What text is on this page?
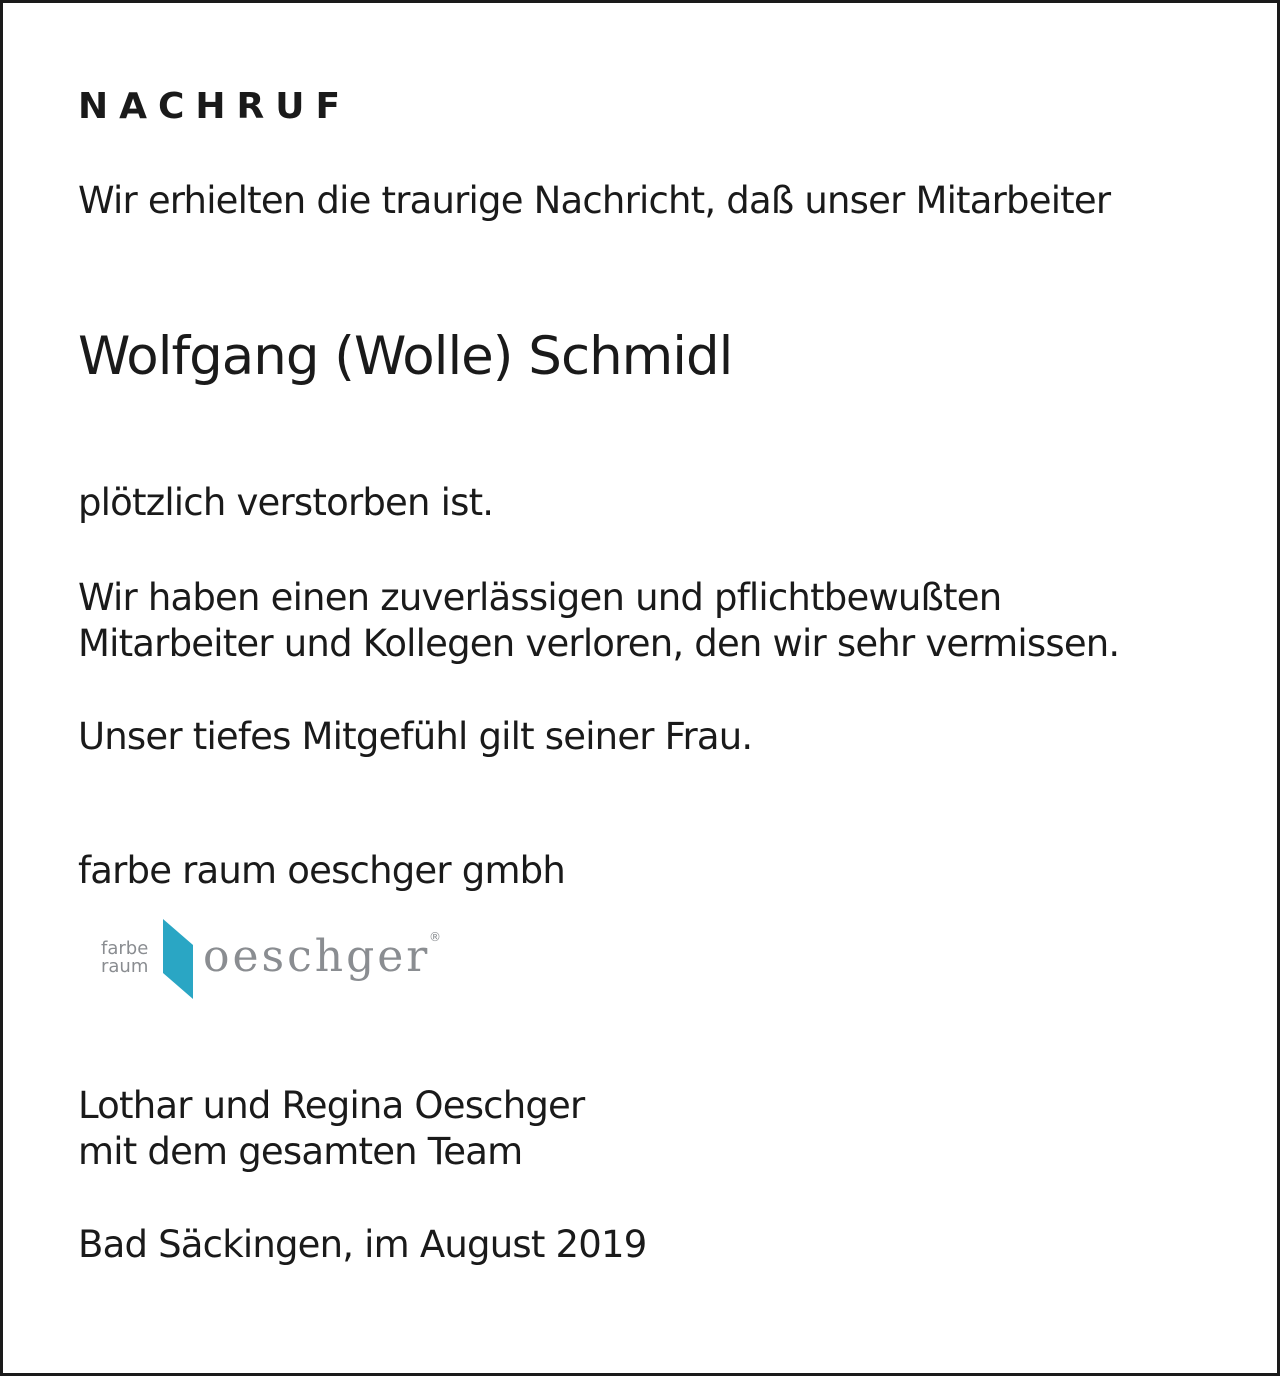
NACHRUF
Wir erhielten die traurige Nachricht, daß unser Mitarbeiter
Wolfgang (Wolle) Schmidl
plötzlich verstorben ist.
Wir haben einen zuverlässigen und pflichtbewußten
Mitarbeiter und Kollegen verloren, den wir sehr vermissen.
Unser tiefes Mitgefühl gilt seiner Frau.
farbe raum oeschger gmbh
farbe
raum oeschger
®
Lothar und Regina Oeschger
mit dem gesamten Team
Bad Säckingen, im August 2019
